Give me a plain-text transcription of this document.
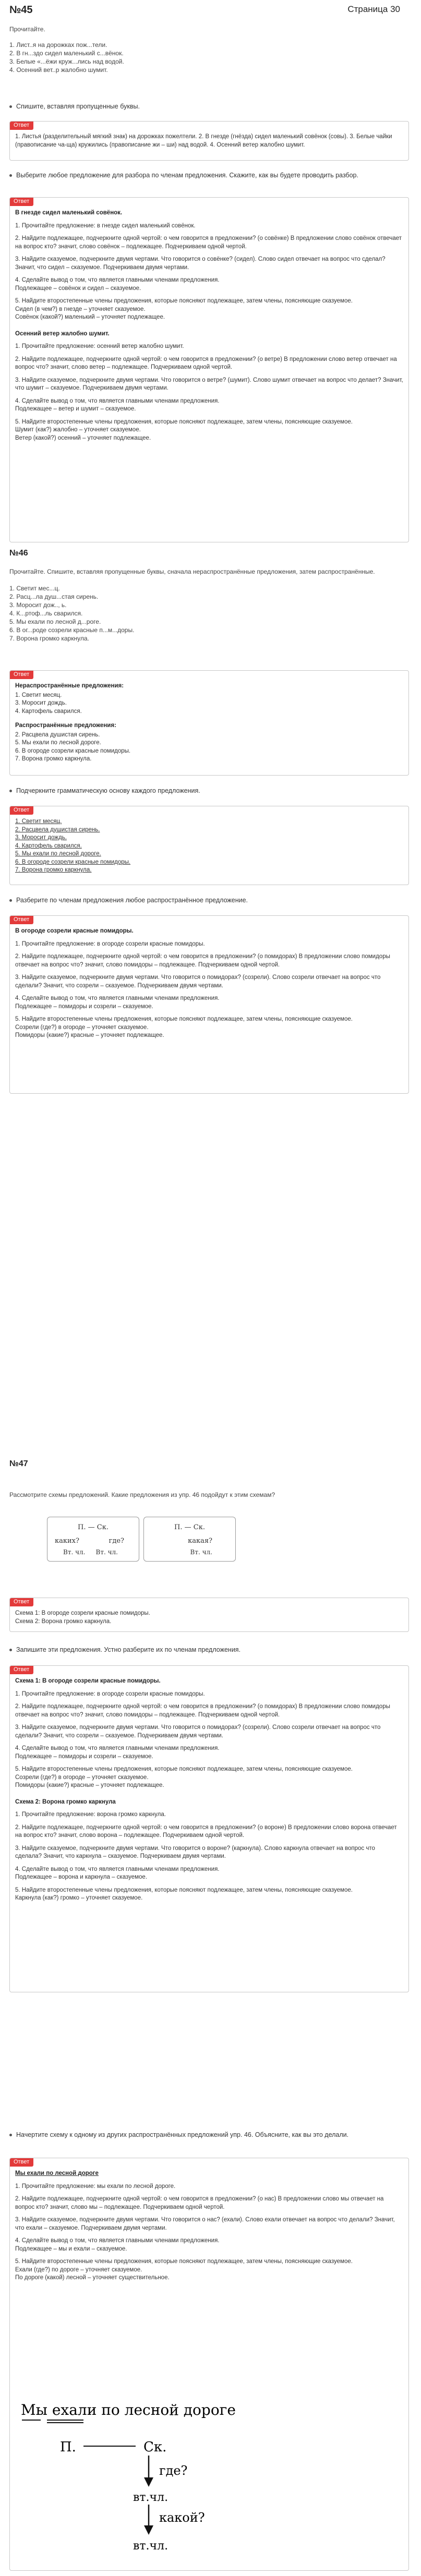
№45	Страница 30
Прочитайте.
1. Лист..я на дорожках пож...тели.
2. В гн...здо сидел маленький с...вёнок.
3. Белые «...ёжи круж...лись над водой.
4. Осенний вет..р жалобно шумит.
Спишите, вставляя пропущенные буквы.
Ответ

1. Листья (разделительный мягкий знак) на дорожках пожелтели. 2. В гнезде (гнёзда) сидел маленький совёнок (совы). 3. Белые чайки (правописание ча-ща) кружились (правописание жи – ши) над водой. 4. Осенний ветер жалобно шумит.

Выберите любое предложение для разбора по членам предложения. Скажите, как вы будете проводить разбор.
Ответ

В гнезде сидел маленький совёнок.

1. Прочитайте предложение: в гнезде сидел маленький совёнок.

2. Найдите подлежащее, подчеркните одной чертой: о чем говорится в предложении? (о совёнке) В предложении слово совёнок отвечает на вопрос кто? значит, слово совёнок – подлежащее. Подчеркиваем одной чертой.

3. Найдите сказуемое, подчеркните двумя чертами. Что говорится о совёнке? (сидел). Слово сидел отвечает на вопрос что сделал? Значит, что сидел – сказуемое. Подчеркиваем двумя чертами.

4. Сделайте вывод о том, что является главными членами предложения.

Подлежащее – совёнок и сидел – сказуемое.

5. Найдите второстепенные члены предложения, которые поясняют подлежащее, затем члены, поясняющие сказуемое.

Сидел (в чем?) в гнезде – уточняет сказуемое.

Совёнок (какой?) маленький – уточняет подлежащее.

Осенний ветер жалобно шумит.

1. Прочитайте предложение: осенний ветер жалобно шумит.

2. Найдите подлежащее, подчеркните одной чертой: о чем говорится в предложении? (о ветре) В предложении слово ветер отвечает на вопрос что? значит, слово ветер – подлежащее. Подчеркиваем одной чертой.

3. Найдите сказуемое, подчеркните двумя чертами. Что говорится о ветре? (шумит). Слово шумит отвечает на вопрос что делает? Значит, что шумит – сказуемое. Подчеркиваем двумя чертами.

4. Сделайте вывод о том, что является главными членами предложения.

Подлежащее – ветер и шумит – сказуемое.

5. Найдите второстепенные члены предложения, которые поясняют подлежащее, затем члены, поясняющие сказуемое.

Шумит (как?) жалобно – уточняет сказуемое.

Ветер (какой?) осенний – уточняет подлежащее.

№46
Прочитайте. Спишите, вставляя пропущенные буквы, сначала нераспространённые предложения, затем распространённые.
1. Светит мес...ц.
2. Расц...ла душ...стая сирень.
3. Моросит дож.., ь.
4. К...ртоф...ль сварился.
5. Мы ехали по лесной д...роге.
6. В ог...роде созрели красные п...м...доры.
7. Ворона громко каркнула.
Ответ

Нераспространённые предложения:

1. Светит месяц.

3. Моросит дождь.

4. Картофель сварился.

Распространённые предложения:

2. Расцвела душистая сирень.

5. Мы ехали по лесной дороге.

6. В огороде созрели красные помидоры.

7. Ворона громко каркнула.

Подчеркните грамматическую основу каждого предложения.
Ответ

1. Светит месяц.

2. Расцвела душистая сирень.

3. Моросит дождь.

4. Картофель сварился.

5. Мы ехали по лесной дороге.

6. В огороде созрели красные помидоры.

7. Ворона громко каркнула.

Разберите по членам предложения любое распространённое предложение.
Ответ

В огороде созрели красные помидоры.

1. Прочитайте предложение: в огороде созрели красные помидоры.

2. Найдите подлежащее, подчеркните одной чертой: о чем говорится в предложении? (о помидорах) В предложении слово помидоры отвечает на вопрос что? значит, слово помидоры – подлежащее. Подчеркиваем одной чертой.

3. Найдите сказуемое, подчеркните двумя чертами. Что говорится о помидорах? (созрели). Слово созрели отвечает на вопрос что сделали? Значит, что созрели – сказуемое. Подчеркиваем двумя чертами.

4. Сделайте вывод о том, что является главными членами предложения.

Подлежащее – помидоры и созрели – сказуемое.

5. Найдите второстепенные члены предложения, которые поясняют подлежащее, затем члены, поясняющие сказуемое.

Созрели (где?) в огороде – уточняет сказуемое.

Помидоры (какие?) красные – уточняет подлежащее.

№47
Рассмотрите схемы предложений. Какие предложения из упр. 46 подойдут к этим схемам?
П. — Ск.
каких?	где?
Вт. чл. Вт. чл.
П. — Ск.
какая?
Вт. чл.
Ответ

Схема 1: В огороде созрели красные помидоры.

Схема 2: Ворона громко каркнула.

Запишите эти предложения. Устно разберите их по членам предложения.
Ответ

Схема 1: В огороде созрели красные помидоры.

1. Прочитайте предложение: в огороде созрели красные помидоры.

2. Найдите подлежащее, подчеркните одной чертой: о чем говорится в предложении? (о помидорах) В предложении слово помидоры отвечает на вопрос что? значит, слово помидоры – подлежащее. Подчеркиваем одной чертой.

3. Найдите сказуемое, подчеркните двумя чертами. Что говорится о помидорах? (созрели). Слово созрели отвечает на вопрос что сделали? Значит, что созрели – сказуемое. Подчеркиваем двумя чертами.

4. Сделайте вывод о том, что является главными членами предложения.

Подлежащее – помидоры и созрели – сказуемое.

5. Найдите второстепенные члены предложения, которые поясняют подлежащее, затем члены, поясняющие сказуемое.

Созрели (где?) в огороде – уточняет сказуемое.

Помидоры (какие?) красные – уточняет подлежащее.

Схема 2: Ворона громко каркнула

1. Прочитайте предложение: ворона громко каркнула.

2. Найдите подлежащее, подчеркните одной чертой: о чем говорится в предложении? (о вороне) В предложении слово ворона отвечает на вопрос кто? значит, слово ворона – подлежащее. Подчеркиваем одной чертой.

3. Найдите сказуемое, подчеркните двумя чертами. Что говорится о вороне? (каркнула). Слово каркнула отвечает на вопрос что сделала? Значит, что каркнула – сказуемое. Подчеркиваем двумя чертами.

4. Сделайте вывод о том, что является главными членами предложения.

Подлежащее – ворона и каркнула – сказуемое.

5. Найдите второстепенные члены предложения, которые поясняют подлежащее, затем члены, поясняющие сказуемое.

Каркнула (как?) громко – уточняет сказуемое.

Начертите схему к одному из других распространённых предложений упр. 46. Объясните, как вы это делали.
Ответ

Мы ехали по лесной дороге

1. Прочитайте предложение: мы ехали по лесной дороге.

2. Найдите подлежащее, подчеркните одной чертой: о чем говорится в предложении? (о нас) В предложении слово мы отвечает на вопрос кто? значит, слово мы – подлежащее. Подчеркиваем одной чертой.

3. Найдите сказуемое, подчеркните двумя чертами. Что говорится о нас? (ехали). Слово ехали отвечает на вопрос что делали? Значит, что ехали – сказуемое. Подчеркиваем двумя чертами.

4. Сделайте вывод о том, что является главными членами предложения.

Подлежащее – мы и ехали – сказуемое.

5. Найдите второстепенные члены предложения, которые поясняют подлежащее, затем члены, поясняющие сказуемое.

Ехали (где?) по дороге – уточняет сказуемое.

По дороге (какой) лесной – уточняет существительное.

Мы ехали по лесной дороге
П.	Ск.
где?
вт.чл.
какой?
вт.чл.
